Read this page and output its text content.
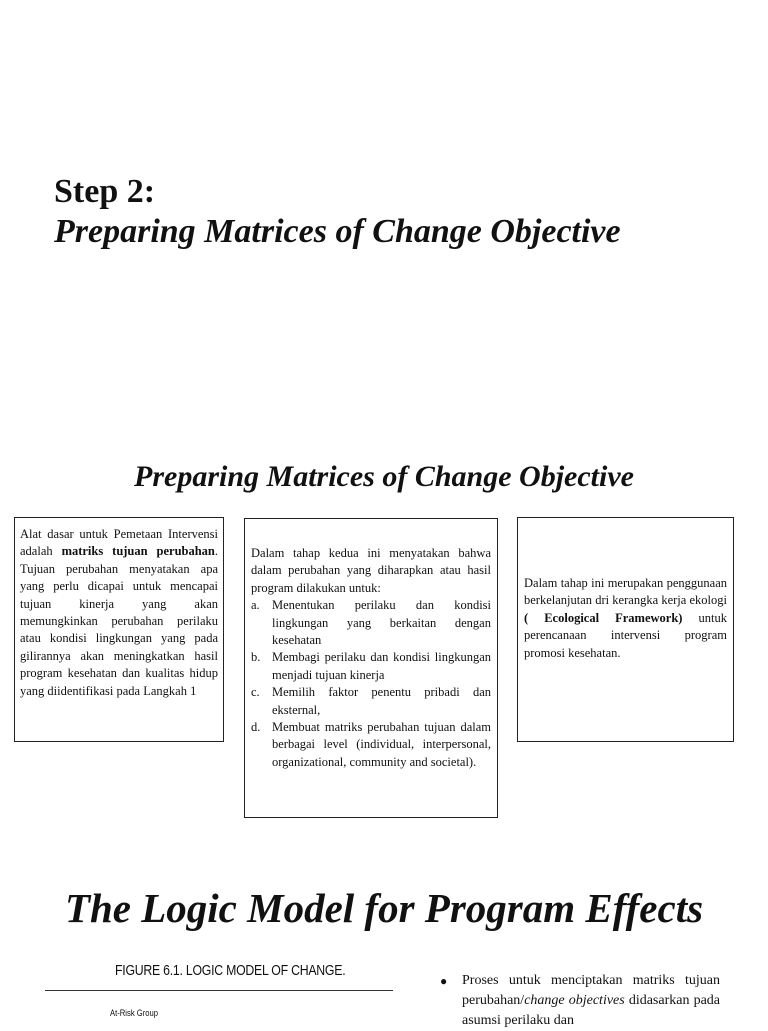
Step 2:
Preparing Matrices of Change Objective
Preparing Matrices of Change Objective
Alat dasar untuk Pemetaan Intervensi adalah matriks tujuan perubahan. Tujuan perubahan menyatakan apa yang perlu dicapai untuk mencapai tujuan kinerja yang akan memungkinkan perubahan perilaku atau kondisi lingkungan yang pada gilirannya akan meningkatkan hasil program kesehatan dan kualitas hidup yang diidentifikasi pada Langkah 1

Dalam tahap kedua ini menyatakan bahwa dalam perubahan yang diharapkan atau hasil program dilakukan untuk:

a. Menentukan perilaku dan kondisi lingkungan yang berkaitan dengan kesehatan
b. Membagi perilaku dan kondisi lingkungan menjadi tujuan kinerja
c. Memilih faktor penentu pribadi dan eksternal,
d. Membuat matriks perubahan tujuan dalam berbagai level (individual, interpersonal, organizational, community and societal).
Dalam tahap ini merupakan penggunaan berkelanjutan dri kerangka kerja ekologi ( Ecological Framework) untuk perencanaan intervensi program promosi kesehatan.
The Logic Model for Program Effects
FIGURE 6.1. LOGIC MODEL OF CHANGE.
At-Risk Group
●	Proses untuk menciptakan matriks tujuan perubahan/change objectives didasarkan pada asumsi perilaku dan
